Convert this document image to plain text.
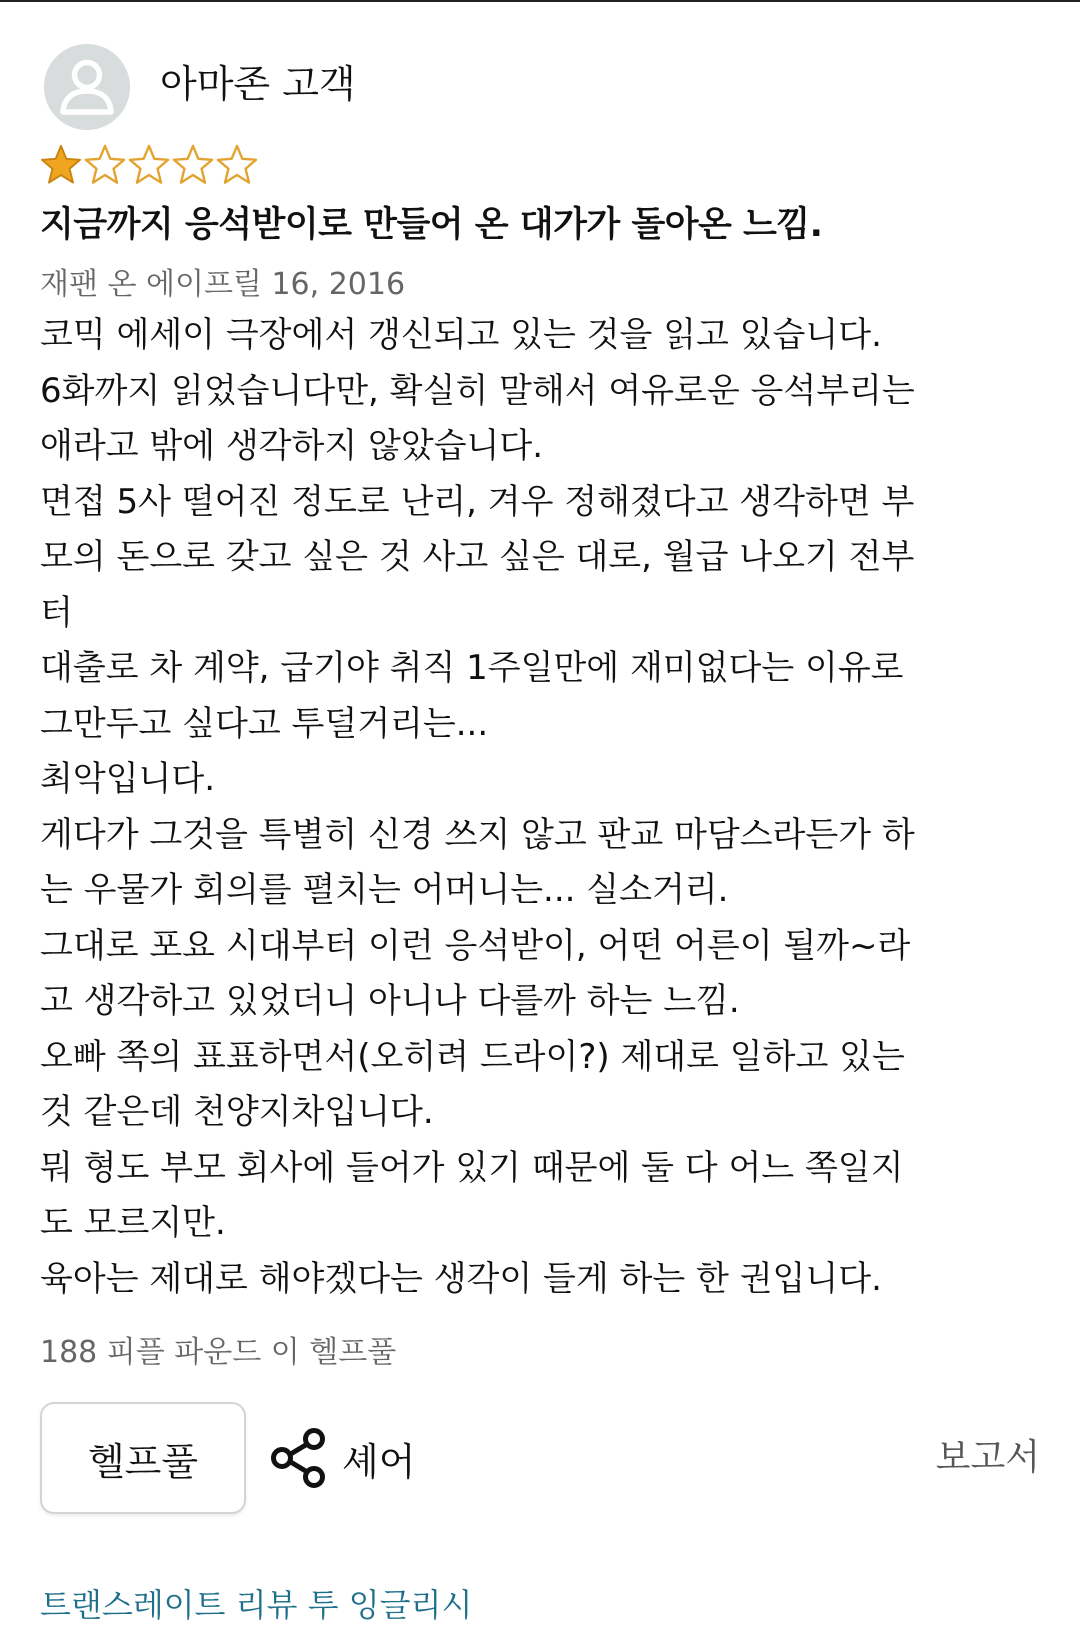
아마존 고객
지금까지 응석받이로 만들어 온 대가가 돌아온 느낌.
재팬 온 에이프릴 16, 2016
코믹 에세이 극장에서 갱신되고 있는 것을 읽고 있습니다.
6화까지 읽었습니다만, 확실히 말해서 여유로운 응석부리는
애라고 밖에 생각하지 않았습니다.
면접 5사 떨어진 정도로 난리, 겨우 정해졌다고 생각하면 부
모의 돈으로 갖고 싶은 것 사고 싶은 대로, 월급 나오기 전부
터
대출로 차 계약, 급기야 취직 1주일만에 재미없다는 이유로
그만두고 싶다고 투덜거리는...
최악입니다.
게다가 그것을 특별히 신경 쓰지 않고 판교 마담스라든가 하
는 우물가 회의를 펼치는 어머니는... 실소거리.
그대로 포요 시대부터 이런 응석받이, 어떤 어른이 될까~라
고 생각하고 있었더니 아니나 다를까 하는 느낌.
오빠 쪽의 표표하면서(오히려 드라이?) 제대로 일하고 있는
것 같은데 천양지차입니다.
뭐 형도 부모 회사에 들어가 있기 때문에 둘 다 어느 쪽일지
도 모르지만.
육아는 제대로 해야겠다는 생각이 들게 하는 한 권입니다.
188 피플 파운드 이 헬프풀
헬프풀	셰어	보고서
트랜스레이트 리뷰 투 잉글리시
